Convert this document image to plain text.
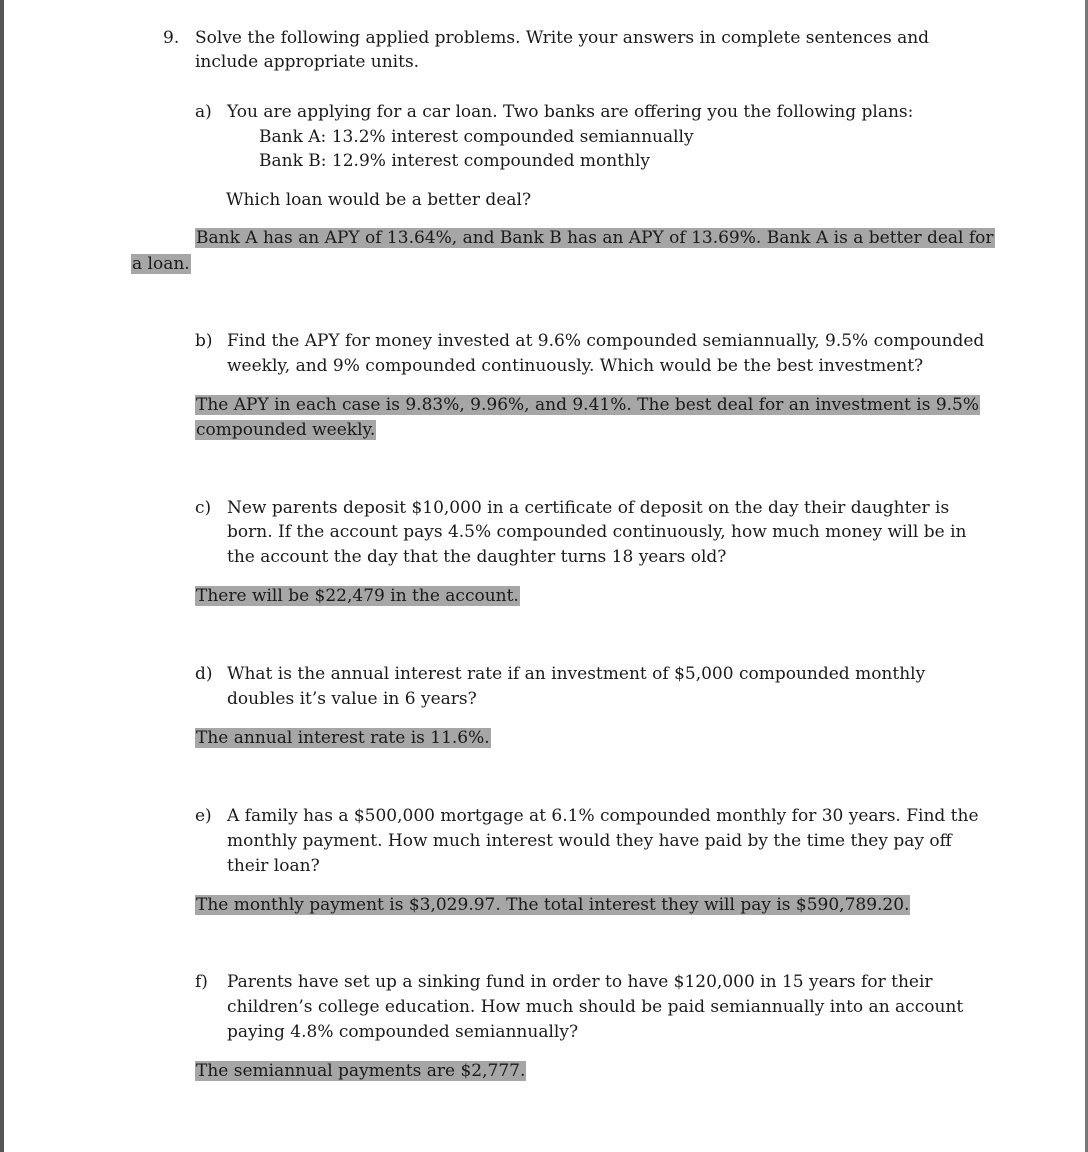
9. Solve the following applied problems. Write your answers in complete sentences and
include appropriate units.
a) You are applying for a car loan. Two banks are offering you the following plans:
Bank A: 13.2% interest compounded semiannually
Bank B: 12.9% interest compounded monthly
Which loan would be a better deal?
Bank A has an APY of 13.64%, and Bank B has an APY of 13.69%. Bank A is a better deal for
a loan.
b) Find the APY for money invested at 9.6% compounded semiannually, 9.5% compounded
weekly, and 9% compounded continuously. Which would be the best investment?
The APY in each case is 9.83%, 9.96%, and 9.41%. The best deal for an investment is 9.5%
compounded weekly.
c) New parents deposit $10,000 in a certificate of deposit on the day their daughter is
born. If the account pays 4.5% compounded continuously, how much money will be in
the account the day that the daughter turns 18 years old?
There will be $22,479 in the account.
d) What is the annual interest rate if an investment of $5,000 compounded monthly
doubles it’s value in 6 years?
The annual interest rate is 11.6%.
e) A family has a $500,000 mortgage at 6.1% compounded monthly for 30 years. Find the
monthly payment. How much interest would they have paid by the time they pay off
their loan?
The monthly payment is $3,029.97. The total interest they will pay is $590,789.20.
f) Parents have set up a sinking fund in order to have $120,000 in 15 years for their
children’s college education. How much should be paid semiannually into an account
paying 4.8% compounded semiannually?
The semiannual payments are $2,777.
